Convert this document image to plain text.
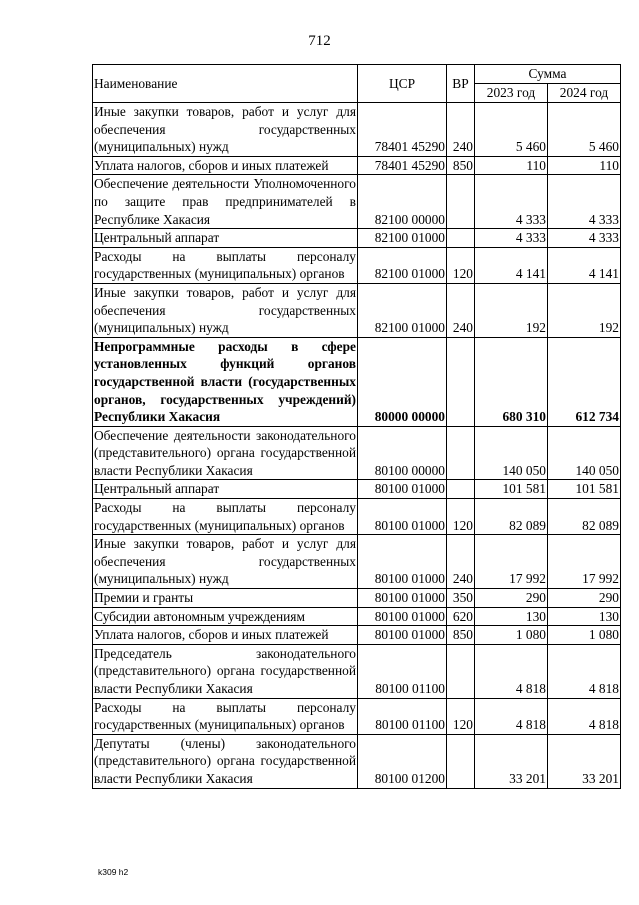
712
Наименование	ЦСР	ВР	Сумма	
			2023 год	2024 год
Иные закупки товаров, работ и услуг для обеспечения государственных (муниципальных) нужд	78401 45290	240	5 460	5 460
Уплата налогов, сборов и иных платежей	78401 45290	850	110	110
Обеспечение деятельности Уполномоченного по защите прав предпринимателей в Республике Хакасия	82100 00000		4 333	4 333
Центральный аппарат	82100 01000		4 333	4 333
Расходы на выплаты персоналу государственных (муниципальных) органов	82100 01000	120	4 141	4 141
Иные закупки товаров, работ и услуг для обеспечения государственных (муниципальных) нужд	82100 01000	240	192	192
Непрограммные расходы в сфере установленных функций органов государственной власти (государственных органов, государственных учреждений) Республики Хакасия	80000 00000		680 310	612 734
Обеспечение деятельности законодательного (представительного) органа государственной власти Республики Хакасия	80100 00000		140 050	140 050
Центральный аппарат	80100 01000		101 581	101 581
Расходы на выплаты персоналу государственных (муниципальных) органов	80100 01000	120	82 089	82 089
Иные закупки товаров, работ и услуг для обеспечения государственных (муниципальных) нужд	80100 01000	240	17 992	17 992
Премии и гранты	80100 01000	350	290	290
Субсидии автономным учреждениям	80100 01000	620	130	130
Уплата налогов, сборов и иных платежей	80100 01000	850	1 080	1 080
Председатель законодательного (представительного) органа государственной власти Республики Хакасия	80100 01100		4 818	4 818
Расходы на выплаты персоналу государственных (муниципальных) органов	80100 01100	120	4 818	4 818
Депутаты (члены) законодательного (представительного) органа государственной власти Республики Хакасия	80100 01200		33 201	33 201
k309 h2
